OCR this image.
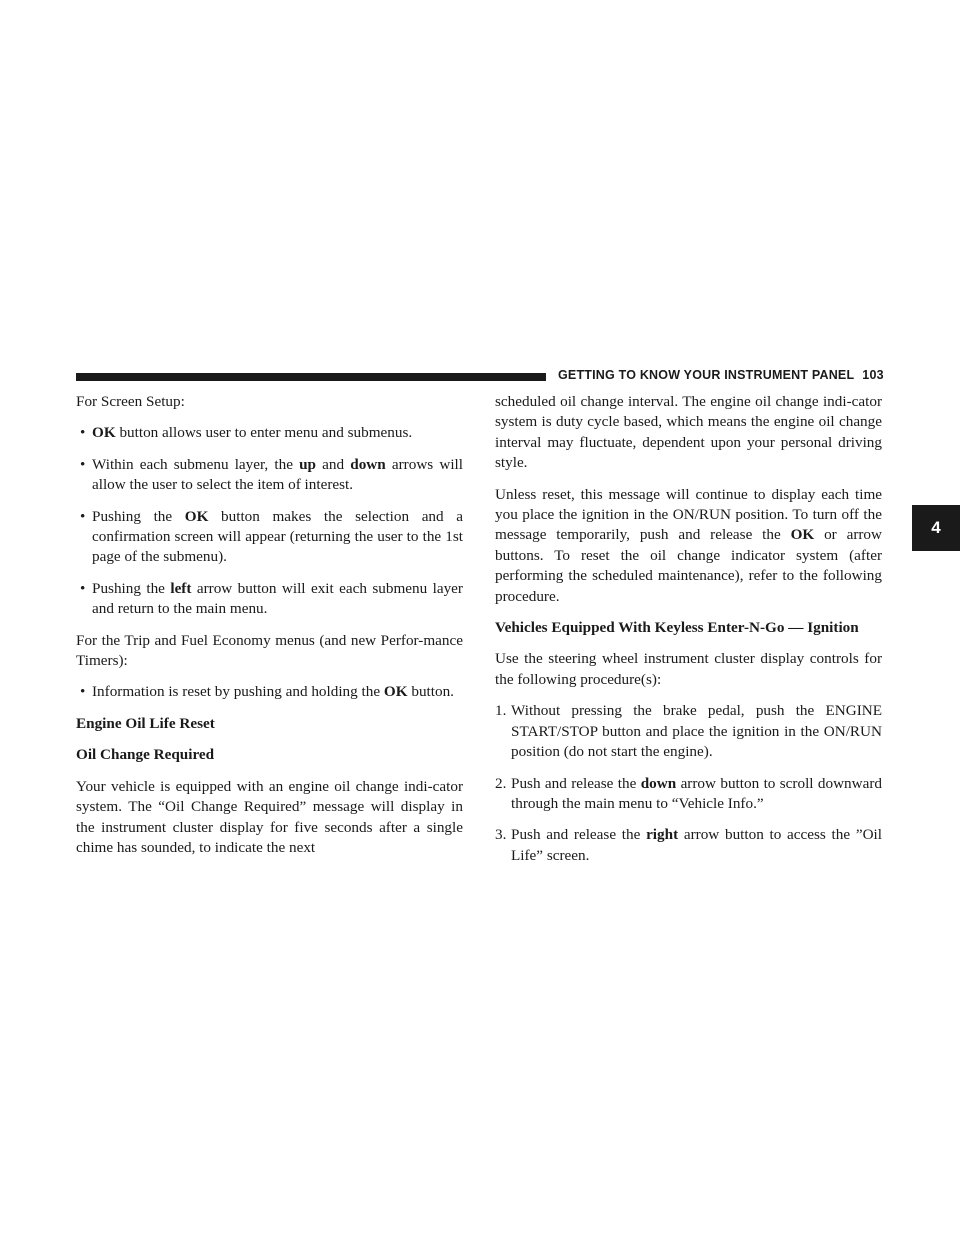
GETTING TO KNOW YOUR INSTRUMENT PANEL 103
4

For Screen Setup:

• OK button allows user to enter menu and submenus.
• Within each submenu layer, the up and down arrows will allow the user to select the item of interest.
• Pushing the OK button makes the selection and a confirmation screen will appear (returning the user to the 1st page of the submenu).
• Pushing the left arrow button will exit each submenu layer and return to the main menu.

For the Trip and Fuel Economy menus (and new Perfor-mance Timers):

• Information is reset by pushing and holding the OK button.
Engine Oil Life Reset
Oil Change Required

Your vehicle is equipped with an engine oil change indi-cator system. The “Oil Change Required” message will display in the instrument cluster display for five seconds after a single chime has sounded, to indicate the next

scheduled oil change interval. The engine oil change indi-cator system is duty cycle based, which means the engine oil change interval may fluctuate, dependent upon your personal driving style.

Unless reset, this message will continue to display each time you place the ignition in the ON/RUN position. To turn off the message temporarily, push and release the OK or arrow buttons. To reset the oil change indicator system (after performing the scheduled maintenance), refer to the following procedure.

Vehicles Equipped With Keyless Enter-N-Go — Ignition

Use the steering wheel instrument cluster display controls for the following procedure(s):

1. Without pressing the brake pedal, push the ENGINE START/STOP button and place the ignition in the ON/RUN position (do not start the engine).
2. Push and release the down arrow button to scroll downward through the main menu to “Vehicle Info.”
3. Push and release the right arrow button to access the ”Oil Life” screen.
